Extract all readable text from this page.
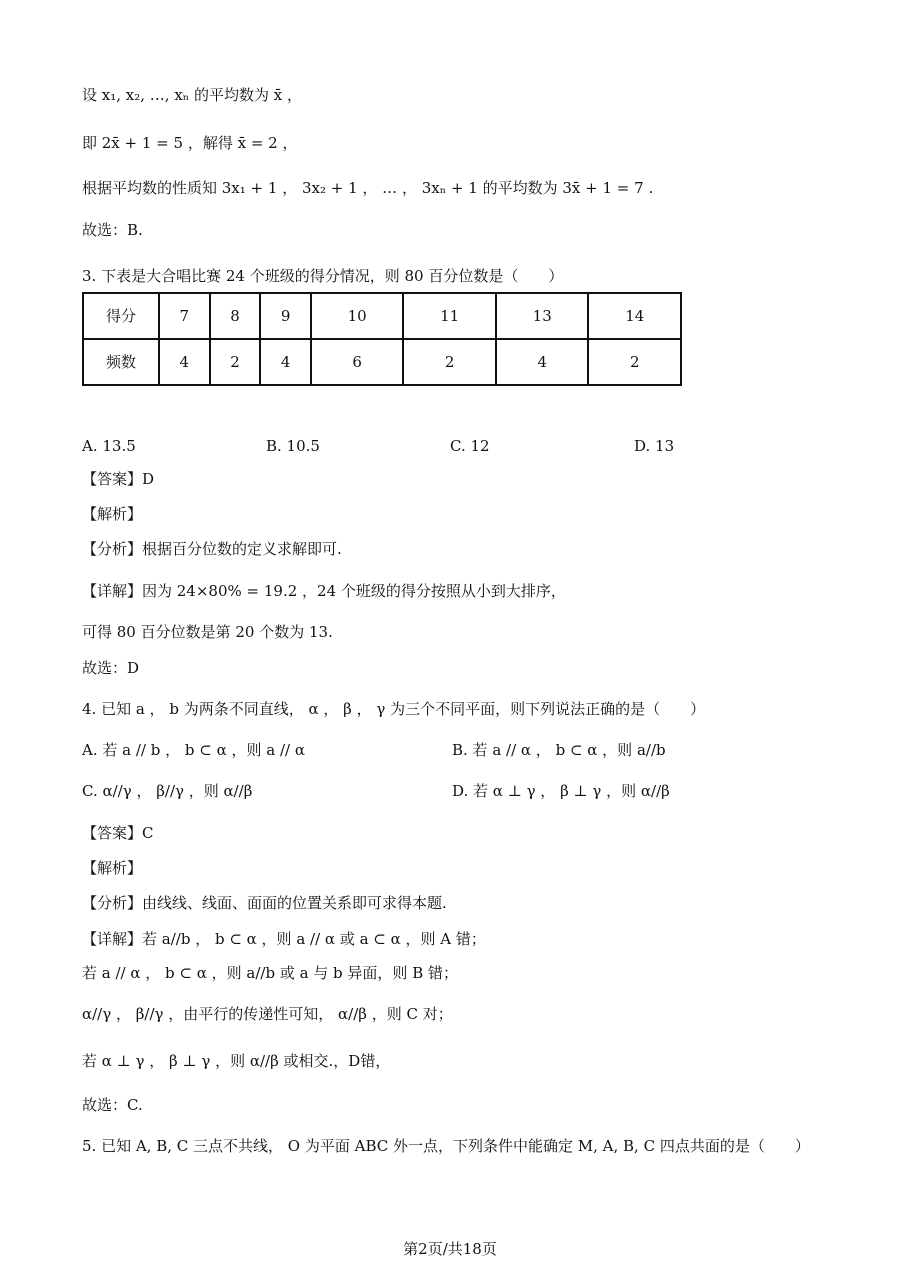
设 x₁, x₂, …, xₙ 的平均数为 x̄ ，
即 2x̄ + 1 = 5 ，解得 x̄ = 2 ，
根据平均数的性质知 3x₁ + 1 ， 3x₂ + 1 ， … ， 3xₙ + 1 的平均数为 3x̄ + 1 = 7 .
故选：B.
3. 下表是大合唱比赛 24 个班级的得分情况，则 80 百分位数是（　　）
得分	7	8	9	10	11	13	14
频数	4	2	4	6	2	4	2
A. 13.5	B. 10.5	C. 12	D. 13
【答案】D
【解析】
【分析】根据百分位数的定义求解即可.
【详解】因为 24×80% = 19.2 ，24 个班级的得分按照从小到大排序，
可得 80 百分位数是第 20 个数为 13.
故选：D
4. 已知 a ， b 为两条不同直线， α ， β ， γ 为三个不同平面，则下列说法正确的是（　　）
A. 若 a // b ， b ⊂ α ，则 a // α	B. 若 a // α ， b ⊂ α ，则 a//b
C. α//γ ， β//γ ，则 α//β	D. 若 α ⊥ γ ， β ⊥ γ ，则 α//β
【答案】C
【解析】
【分析】由线线、线面、面面的位置关系即可求得本题.
【详解】若 a//b ， b ⊂ α ，则 a // α 或 a ⊂ α ，则 A 错；
若 a // α ， b ⊂ α ，则 a//b 或 a 与 b 异面，则 B 错；
α//γ ， β//γ ，由平行的传递性可知， α//β ，则 C 对；
若 α ⊥ γ ， β ⊥ γ ，则 α//β 或相交.，D错，
故选：C.
5. 已知 A, B, C 三点不共线， O 为平面 ABC 外一点，下列条件中能确定 M, A, B, C 四点共面的是（　　）
第2页/共18页
